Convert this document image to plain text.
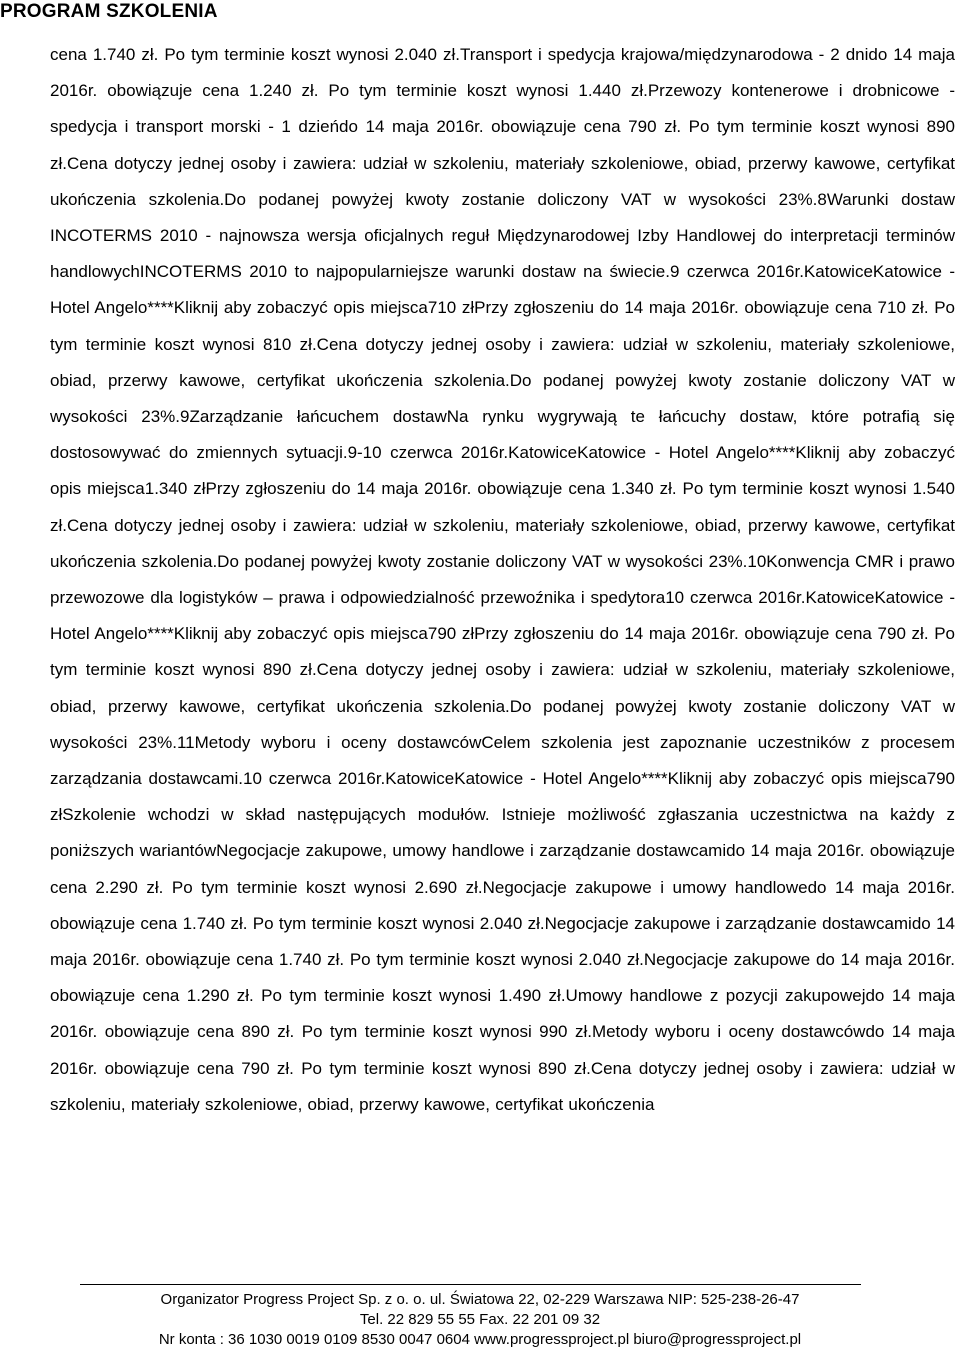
PROGRAM SZKOLENIA

cena 1.740 zł. Po tym terminie koszt wynosi 2.040 zł.Transport i spedycja krajowa/międzynarodowa - 2 dnido 14 maja 2016r. obowiązuje cena 1.240 zł. Po tym terminie koszt wynosi 1.440 zł.Przewozy kontenerowe i drobnicowe - spedycja i transport morski - 1 dzieńdo 14 maja 2016r. obowiązuje cena 790 zł. Po tym terminie koszt wynosi 890 zł.Cena dotyczy jednej osoby i zawiera: udział w szkoleniu, materiały szkoleniowe, obiad, przerwy kawowe, certyfikat ukończenia szkolenia.Do podanej powyżej kwoty zostanie doliczony VAT w wysokości 23%.8Warunki dostaw INCOTERMS 2010 - najnowsza wersja oficjalnych reguł Międzynarodowej Izby Handlowej do interpretacji terminów handlowychINCOTERMS 2010 to najpopularniejsze warunki dostaw na świecie.9 czerwca 2016r.KatowiceKatowice - Hotel Angelo****Kliknij aby zobaczyć opis miejsca710 złPrzy zgłoszeniu do 14 maja 2016r. obowiązuje cena 710 zł. Po tym terminie koszt wynosi 810 zł.Cena dotyczy jednej osoby i zawiera: udział w szkoleniu, materiały szkoleniowe, obiad, przerwy kawowe, certyfikat ukończenia szkolenia.Do podanej powyżej kwoty zostanie doliczony VAT w wysokości 23%.9Zarządzanie łańcuchem dostawNa rynku wygrywają te łańcuchy dostaw, które potrafią się dostosowywać do zmiennych sytuacji.9-10 czerwca 2016r.KatowiceKatowice - Hotel Angelo****Kliknij aby zobaczyć opis miejsca1.340 złPrzy zgłoszeniu do 14 maja 2016r. obowiązuje cena 1.340 zł. Po tym terminie koszt wynosi 1.540 zł.Cena dotyczy jednej osoby i zawiera: udział w szkoleniu, materiały szkoleniowe, obiad, przerwy kawowe, certyfikat ukończenia szkolenia.Do podanej powyżej kwoty zostanie doliczony VAT w wysokości 23%.10Konwencja CMR i prawo przewozowe dla logistyków – prawa i odpowiedzialność przewoźnika i spedytora10 czerwca 2016r.KatowiceKatowice - Hotel Angelo****Kliknij aby zobaczyć opis miejsca790 złPrzy zgłoszeniu do 14 maja 2016r. obowiązuje cena 790 zł. Po tym terminie koszt wynosi 890 zł.Cena dotyczy jednej osoby i zawiera: udział w szkoleniu, materiały szkoleniowe, obiad, przerwy kawowe, certyfikat ukończenia szkolenia.Do podanej powyżej kwoty zostanie doliczony VAT w wysokości 23%.11Metody wyboru i oceny dostawcówCelem szkolenia jest zapoznanie uczestników z procesem zarządzania dostawcami.10 czerwca 2016r.KatowiceKatowice - Hotel Angelo****Kliknij aby zobaczyć opis miejsca790 złSzkolenie wchodzi w skład następujących modułów. Istnieje możliwość zgłaszania uczestnictwa na każdy z poniższych wariantówNegocjacje zakupowe, umowy handlowe i zarządzanie dostawcamido 14 maja 2016r. obowiązuje cena 2.290 zł. Po tym terminie koszt wynosi 2.690 zł.Negocjacje zakupowe i umowy handlowedo 14 maja 2016r. obowiązuje cena 1.740 zł. Po tym terminie koszt wynosi 2.040 zł.Negocjacje zakupowe i zarządzanie dostawcamido 14 maja 2016r. obowiązuje cena 1.740 zł. Po tym terminie koszt wynosi 2.040 zł.Negocjacje zakupowe do 14 maja 2016r. obowiązuje cena 1.290 zł. Po tym terminie koszt wynosi 1.490 zł.Umowy handlowe z pozycji zakupowejdo 14 maja 2016r. obowiązuje cena 890 zł. Po tym terminie koszt wynosi 990 zł.Metody wyboru i oceny dostawcówdo 14 maja 2016r. obowiązuje cena 790 zł. Po tym terminie koszt wynosi 890 zł.Cena dotyczy jednej osoby i zawiera: udział w szkoleniu, materiały szkoleniowe, obiad, przerwy kawowe, certyfikat ukończenia

Organizator Progress Project Sp. z o. o. ul. Światowa 22, 02-229 Warszawa NIP: 525-238-26-47
Tel. 22 829 55 55 Fax. 22 201 09 32
Nr konta : 36 1030 0019 0109 8530 0047 0604 www.progressproject.pl biuro@progressproject.pl
